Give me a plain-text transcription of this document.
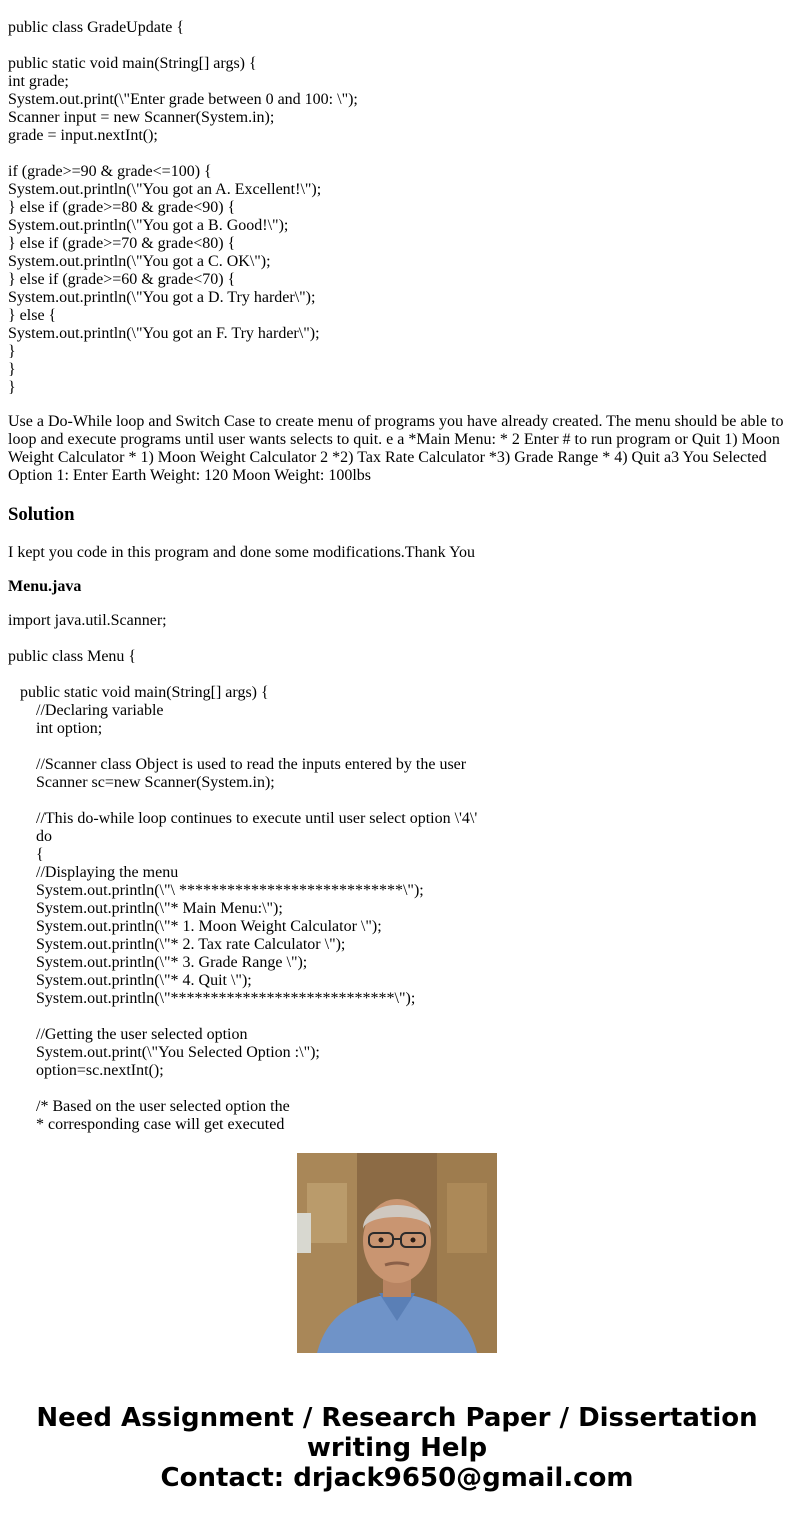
public class GradeUpdate {
public static void main(String[] args) {
int grade;
System.out.print(\"Enter grade between 0 and 100: \");
Scanner input = new Scanner(System.in);
grade = input.nextInt();
if (grade>=90 & grade<=100) {
System.out.println(\"You got an A. Excellent!\");
} else if (grade>=80 & grade<90) {
System.out.println(\"You got a B. Good!\");
} else if (grade>=70 & grade<80) {
System.out.println(\"You got a C. OK\");
} else if (grade>=60 & grade<70) {
System.out.println(\"You got a D. Try harder\");
} else {
System.out.println(\"You got an F. Try harder\");
}
}
}
Use a Do-While loop and Switch Case to create menu of programs you have already created. The menu should be able to loop and execute programs until user wants selects to quit. e a *Main Menu: * 2 Enter # to run program or Quit 1) Moon Weight Calculator * 1) Moon Weight Calculator 2 *2) Tax Rate Calculator *3) Grade Range * 4) Quit a3 You Selected Option 1: Enter Earth Weight: 120 Moon Weight: 100lbs
Solution
I kept you code in this program and done some modifications.Thank You
Menu.java
import java.util.Scanner;
public class Menu {
public static void main(String[] args) {
//Declaring variable
int option;
//Scanner class Object is used to read the inputs entered by the user
Scanner sc=new Scanner(System.in);
//This do-while loop continues to execute until user select option \'4\'
do
{
//Displaying the menu
System.out.println(\"\ ****************************\");
System.out.println(\"* Main Menu:\");
System.out.println(\"* 1. Moon Weight Calculator \");
System.out.println(\"* 2. Tax rate Calculator \");
System.out.println(\"* 3. Grade Range \");
System.out.println(\"* 4. Quit \");
System.out.println(\"****************************\");
//Getting the user selected option
System.out.print(\"You Selected Option :\");
option=sc.nextInt();
/* Based on the user selected option the
* corresponding case will get executed
Need Assignment / Research Paper / Dissertation
writing Help
Contact: drjack9650@gmail.com
